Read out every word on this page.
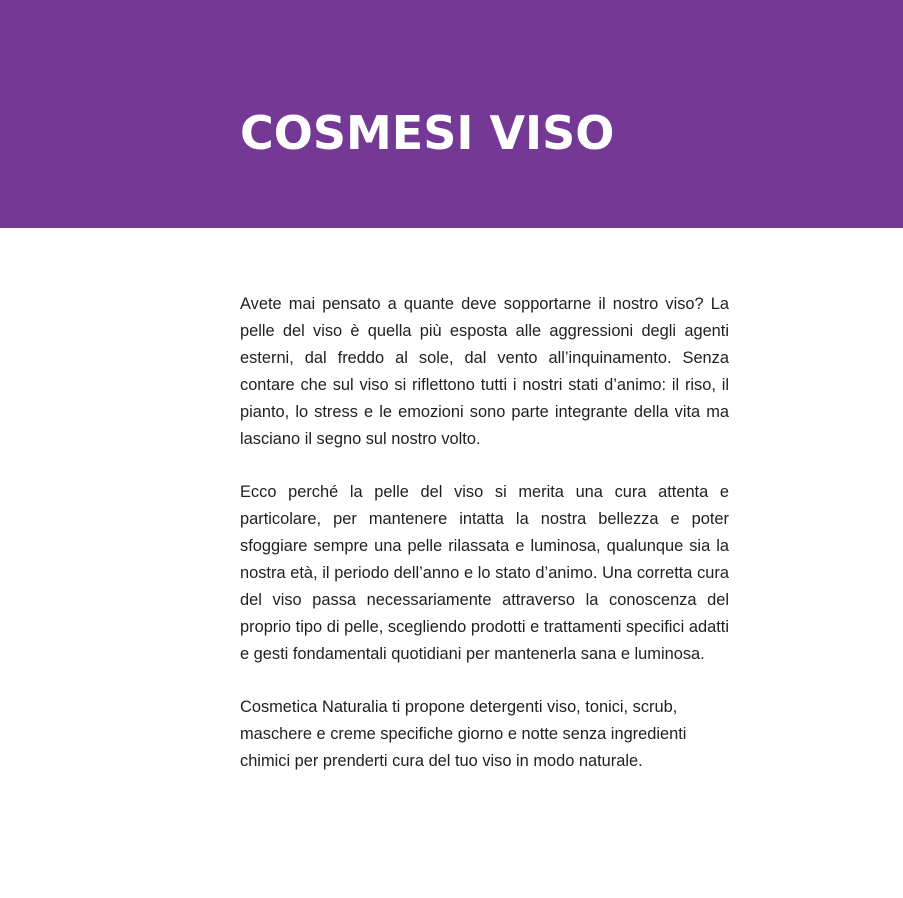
COSMESI VISO

Avete mai pensato a quante deve sopportarne il nostro viso? La pelle del viso è quella più esposta alle aggressioni degli agenti esterni, dal freddo al sole, dal vento all’inquinamento. Senza contare che sul viso si riflettono tutti i nostri stati d’animo: il riso, il pianto, lo stress e le emozioni sono parte integrante della vita ma lasciano il segno sul nostro volto.

Ecco perché la pelle del viso si merita una cura attenta e particolare, per mantenere intatta la nostra bellezza e poter sfoggiare sempre una pelle rilassata e luminosa, qualunque sia la nostra età, il periodo dell’anno e lo stato d’animo. Una corretta cura del viso passa necessariamente attraverso la conoscenza del proprio tipo di pelle, scegliendo prodotti e trattamenti specifici adatti e gesti fondamentali quotidiani per mantenerla sana e luminosa.

Cosmetica Naturalia ti propone detergenti viso, tonici, scrub, maschere e creme specifiche giorno e notte senza ingredienti chimici per prenderti cura del tuo viso in modo naturale.
